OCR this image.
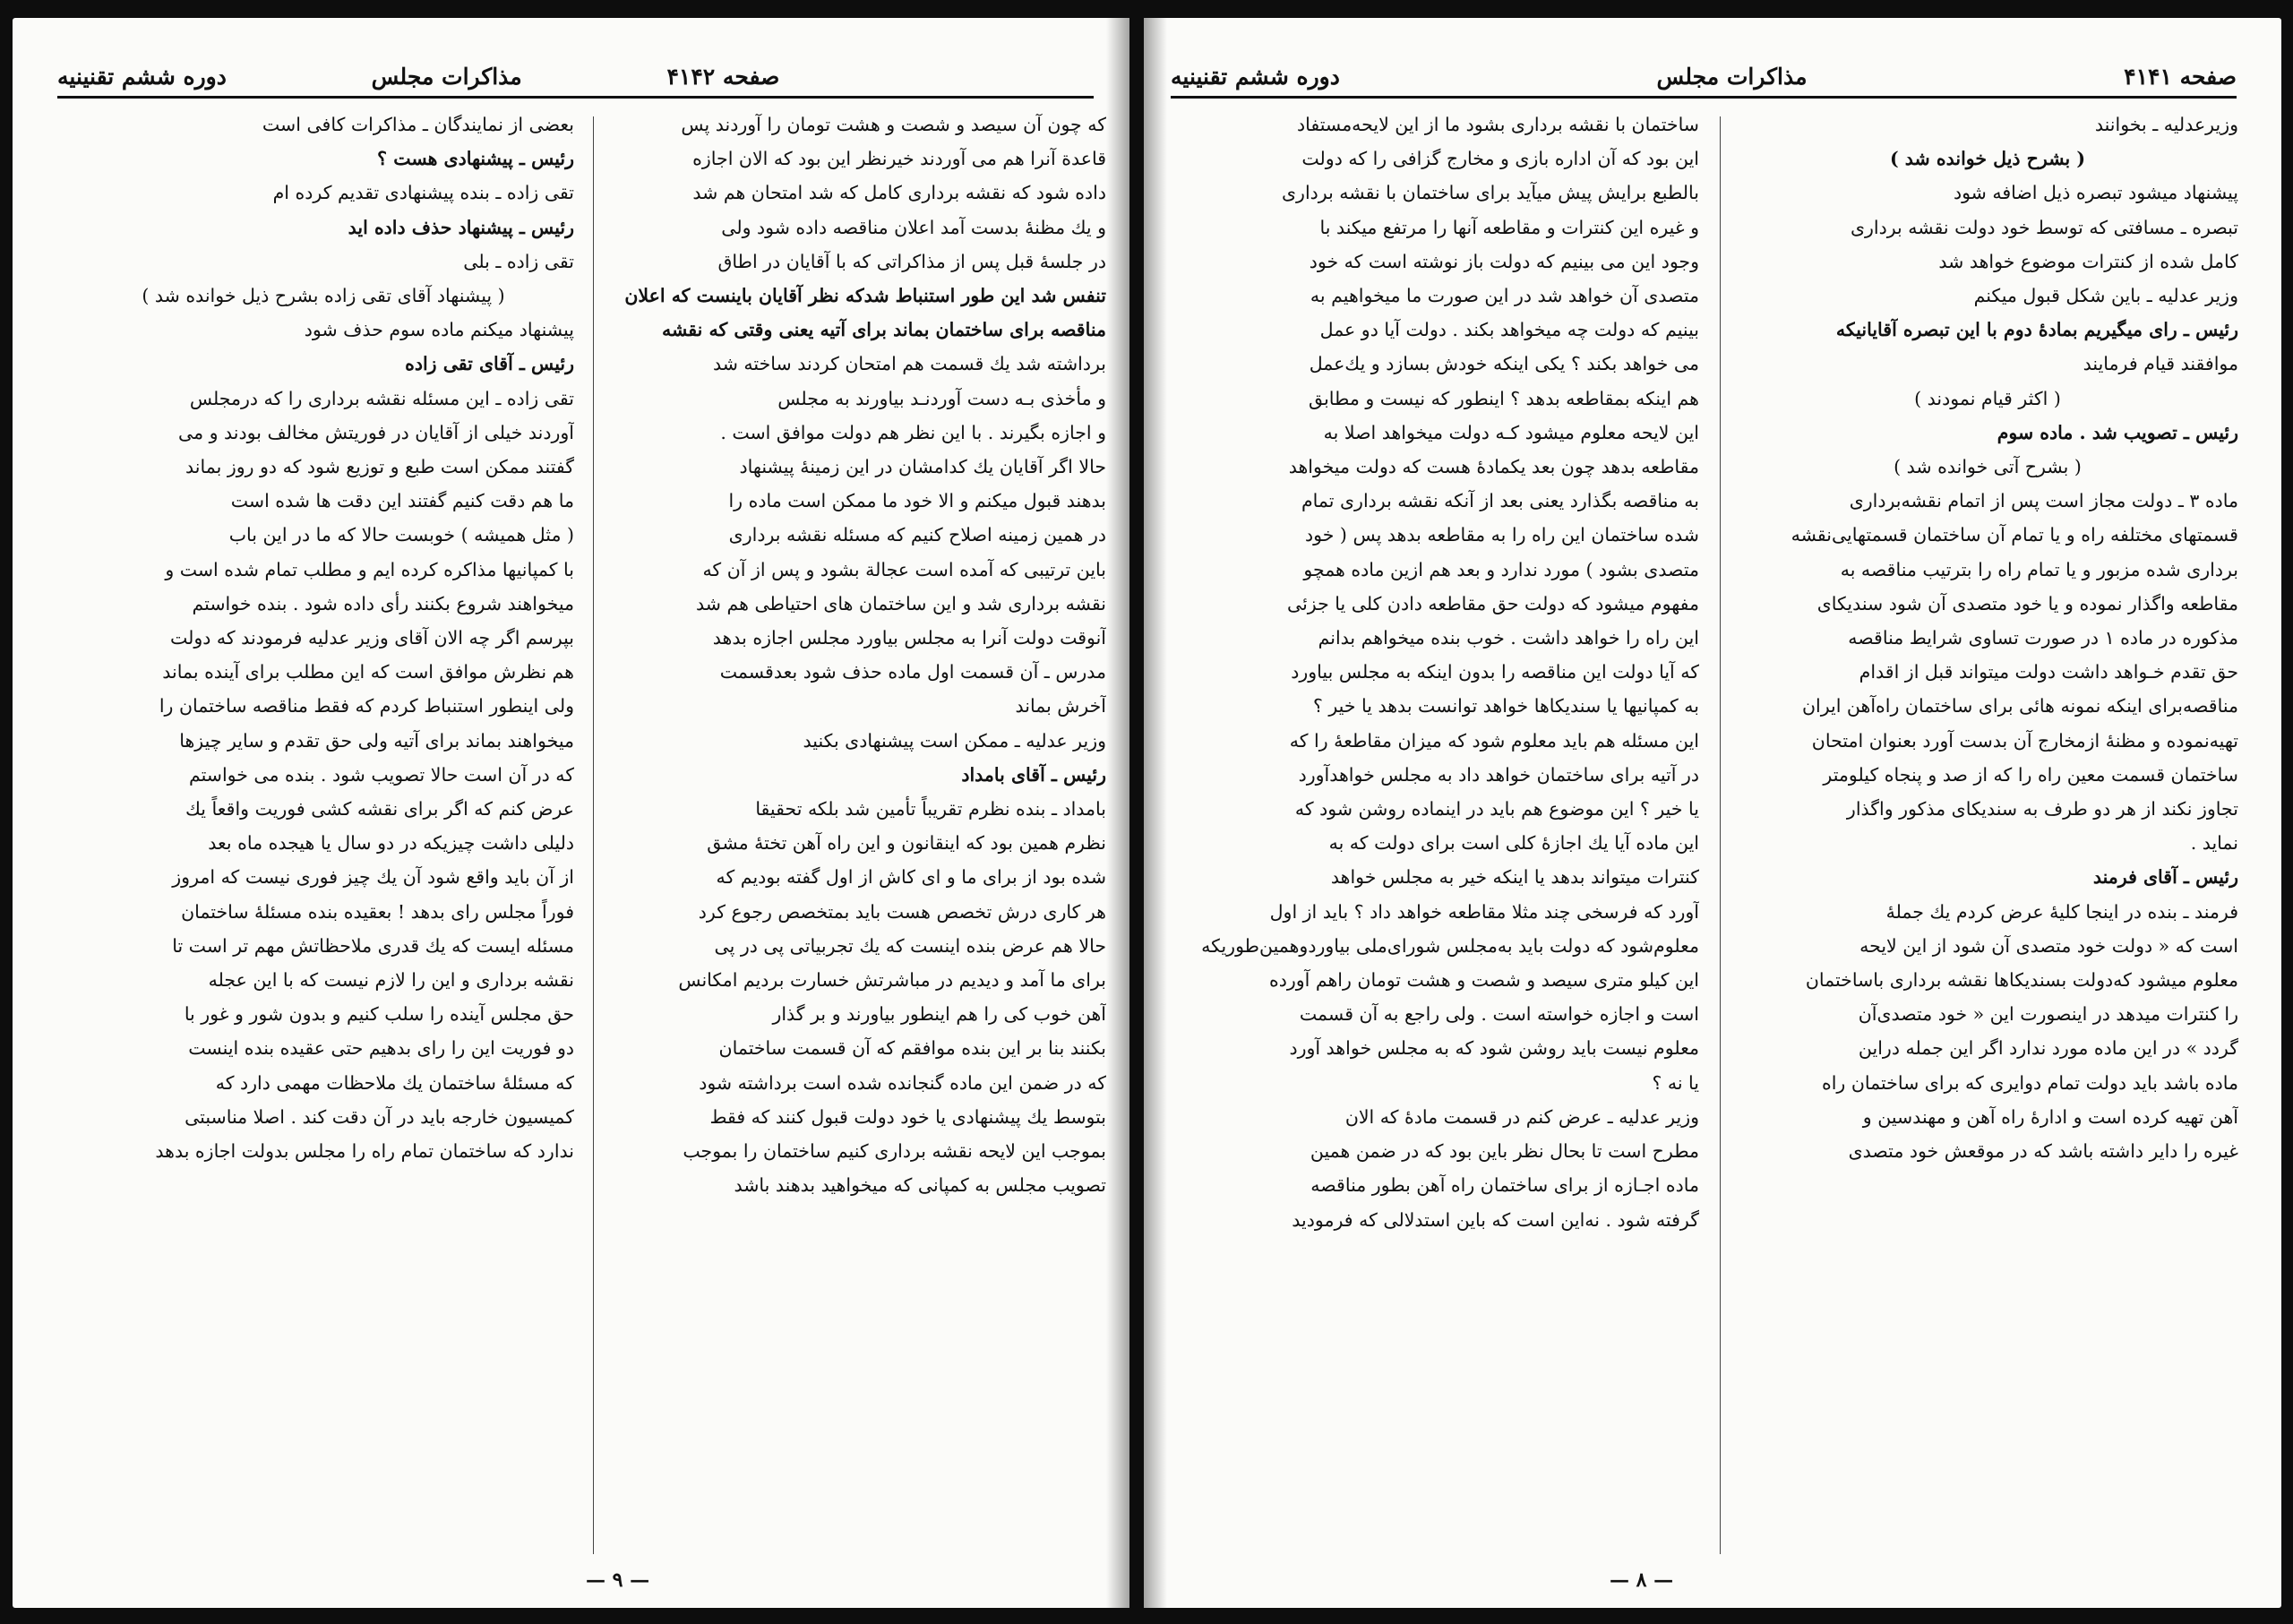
صفحه ۴۱۴۲
مذاکرات مجلس
دوره ششم تقنینیه
که چون آن سیصد و شصت و هشت تومان را آوردند پس
قاعدة آنرا هم می آوردند خیرنظر این بود که الان اجازه
داده شود که نقشه برداری کامل که شد امتحان هم شد
و یك مظنهٔ بدست آمد اعلان مناقصه داده شود ولی
در جلسهٔ قبل پس از مذاکراتی که با آقایان در اطاق
تنفس شد این طور استنباط شدکه نظر آقایان باینست که اعلان
مناقصه برای ساختمان بماند برای آتیه یعنی وقتی که نقشه
برداشته شد یك قسمت هم امتحان کردند ساخته شد
و مأخذی بـه دست آوردنـد بیاورند به مجلس
و اجازه بگیرند . با این نظر هم دولت موافق است .
حالا اگر آقایان یك کدامشان در این زمینهٔ پیشنهاد
بدهند قبول میکنم و الا خود ما ممکن است ماده را
در همین زمینه اصلاح کنیم که مسئله نقشه برداری
باین ترتیبی که آمده است عجالة بشود و پس از آن که
نقشه برداری شد و این ساختمان های احتیاطی هم شد
آنوقت دولت آنرا به مجلس بیاورد مجلس اجازه بدهد
مدرس ـ آن قسمت اول ماده حذف شود بعدقسمت
آخرش بماند
وزیر عدلیه ـ ممکن است پیشنهادی بکنید
رئیس ـ آقای بامداد
بامداد ـ بنده نظرم تقریباً تأمین شد بلکه تحقیقا
نظرم همین بود که اینقانون و این راه آهن تختهٔ مشق
شده بود از برای ما و ای کاش از اول گفته بودیم که
هر کاری درش تخصص هست باید بمتخصص رجوع کرد
حالا هم عرض بنده اینست که یك تجربیاتی پی در پی
برای ما آمد و دیدیم در مباشرتش خسارت بردیم امکانس
آهن خوب کی را هم اینطور بیاورند و بر گذار
بکنند بنا بر این بنده موافقم که آن قسمت ساختمان
که در ضمن این ماده گنجانده شده است برداشته شود
بتوسط یك پیشنهادی یا خود دولت قبول کنند که فقط
بموجب این لایحه نقشه برداری کنیم ساختمان را بموجب
تصویب مجلس به کمپانی که میخواهید بدهند باشد
بعضی از نمایندگان ـ مذاکرات کافی است
رئیس ـ پیشنهادی هست ؟
تقی زاده ـ بنده پیشنهادی تقدیم کرده ام
رئیس ـ پیشنهاد حذف داده اید
تقی زاده ـ بلی
( پیشنهاد آقای تقی زاده بشرح ذیل خوانده شد )
پیشنهاد میکنم ماده سوم حذف شود
رئیس ـ آقای تقی زاده
تقی زاده ـ این مسئله نقشه برداری را که درمجلس
آوردند خیلی از آقایان در فوریتش مخالف بودند و می
گفتند ممکن است طبع و توزیع شود که دو روز بماند
ما هم دقت کنیم گفتند این دقت ها شده است
( مثل همیشه ) خوبست حالا که ما در این باب
با کمپانیها مذاکره کرده ایم و مطلب تمام شده است و
میخواهند شروع بکنند رأی داده شود . بنده خواستم
بپرسم اگر چه الان آقای وزیر عدلیه فرمودند که دولت
هم نظرش موافق است که این مطلب برای آینده بماند
ولی اینطور استنباط کردم که فقط مناقصه ساختمان را
میخواهند بماند برای آتیه ولی حق تقدم و سایر چیزها
که در آن است حالا تصویب شود . بنده می خواستم
عرض کنم که اگر برای نقشه کشی فوریت واقعاً یك
دلیلی داشت چیزیکه در دو سال یا هیجده ماه بعد
از آن باید واقع شود آن یك چیز فوری نیست که امروز
فوراً مجلس رای بدهد ! بعقیده بنده مسئلهٔ ساختمان
مسئله ایست که یك قدری ملاحظاتش مهم تر است تا
نقشه برداری و این را لازم نیست که با این عجله
حق مجلس آینده را سلب کنیم و بدون شور و غور با
دو فوریت این را رای بدهیم حتی عقیده بنده اینست
که مسئلهٔ ساختمان یك ملاحظات مهمی دارد که
کمیسیون خارجه باید در آن دقت کند . اصلا مناسبتی
ندارد که ساختمان تمام راه را مجلس بدولت اجازه بدهد
— ۹ —
صفحه ۴۱۴۱
مذاکرات مجلس
دوره ششم تقنینیه
وزیرعدلیه ـ بخوانند
( بشرح ذیل خوانده شد )
پیشنهاد میشود تبصره ذیل اضافه شود
تبصره ـ مسافتی که توسط خود دولت نقشه برداری
کامل شده از کنترات موضوع خواهد شد
وزیر عدلیه ـ باین شکل قبول میکنم
رئیس ـ رای میگیریم بمادهٔ دوم با این تبصره آقایانیکه
موافقند قیام فرمایند
( اکثر قیام نمودند )
رئیس ـ تصویب شد . ماده سوم
( بشرح آتی خوانده شد )
ماده ۳ ـ دولت مجاز است پس از اتمام نقشه‌برداری
قسمتهای مختلفه راه و یا تمام آن ساختمان قسمتهایی‌نقشه
برداری شده مزبور و یا تمام راه را بترتیب مناقصه به
مقاطعه واگذار نموده و یا خود متصدی آن شود سندیکای
مذکوره در ماده ۱ در صورت تساوی شرایط مناقصه
حق تقدم خـواهد داشت دولت میتواند قبل از اقدام
مناقصه‌برای اینکه نمونه هائی برای ساختمان راه‌آهن ایران
تهیه‌نموده و مظنهٔ ازمخارج آن بدست آورد بعنوان امتحان
ساختمان قسمت معین راه را که از صد و پنجاه کیلومتر
تجاوز نکند از هر دو طرف به سندیکای مذکور واگذار
نماید .
رئیس ـ آقای فرمند
فرمند ـ بنده در اینجا کلیهٔ عرض کردم یك جملهٔ
است که « دولت خود متصدی آن شود از این لایحه
معلوم میشود که‌دولت بسندیکاها نقشه برداری باساختمان
را کنترات میدهد در اینصورت این « خود متصدی‌آن
گردد » در این ماده مورد ندارد اگر این جمله دراین
ماده باشد باید دولت تمام دوایری که برای ساختمان راه
آهن تهیه کرده است و ادارهٔ راه آهن و مهندسین و
غیره را دایر داشته باشد که در موقعش خود متصدی
ساختمان با نقشه برداری بشود ما از این لایحه‌مستفاد
این بود که آن اداره بازی و مخارج گزافی را که دولت
بالطبع برایش پیش میآید برای ساختمان با نقشه برداری
و غیره این کنترات و مقاطعه آنها را مرتفع میکند با
وجود این می بینیم که دولت باز نوشته است که خود
متصدی آن خواهد شد در این صورت ما میخواهیم به
بینیم که دولت چه میخواهد بکند . دولت آیا دو عمل
می خواهد بکند ؟ یکی اینکه خودش بسازد و یك‌عمل
هم اینکه بمقاطعه بدهد ؟ اینطور که نیست و مطابق
این لایحه معلوم میشود کـه دولت میخواهد اصلا به
مقاطعه بدهد چون بعد یکمادهٔ هست که دولت میخواهد
به مناقصه بگذارد یعنی بعد از آنکه نقشه برداری تمام
شده ساختمان این راه را به مقاطعه بدهد پس ( خود
متصدی بشود ) مورد ندارد و بعد هم ازین ماده همچو
مفهوم میشود که دولت حق مقاطعه دادن کلی یا جزئی
این راه را خواهد داشت . خوب بنده میخواهم بدانم
که آیا دولت این مناقصه را بدون اینکه به مجلس بیاورد
به کمپانیها یا سندیکاها خواهد توانست بدهد یا خیر ؟
این مسئله هم باید معلوم شود که میزان مقاطعهٔ را که
در آتیه برای ساختمان خواهد داد به مجلس خواهدآورد
یا خیر ؟ این موضوع هم باید در اینماده روشن شود که
این ماده آیا یك اجازهٔ کلی است برای دولت که به
کنترات میتواند بدهد یا اینکه خیر به مجلس خواهد
آورد که فرسخی چند مثلا مقاطعه خواهد داد ؟ باید از اول
معلوم‌شود که دولت باید به‌مجلس شورای‌ملی بیاورد‌و‌همین‌طوریکه
این کیلو متری سیصد و شصت و هشت تومان راهم آورده
است و اجازه خواسته است . ولی راجع به آن قسمت
معلوم نیست باید روشن شود که به مجلس خواهد آورد
یا نه ؟
وزیر عدلیه ـ عرض کنم در قسمت مادهٔ که الان
مطرح است تا بحال نظر باین بود که در ضمن همین
ماده اجـازه از برای ساختمان راه آهن بطور مناقصه
گرفته شود . نه‌این است که باین استدلالی که فرمودید
— ۸ —
